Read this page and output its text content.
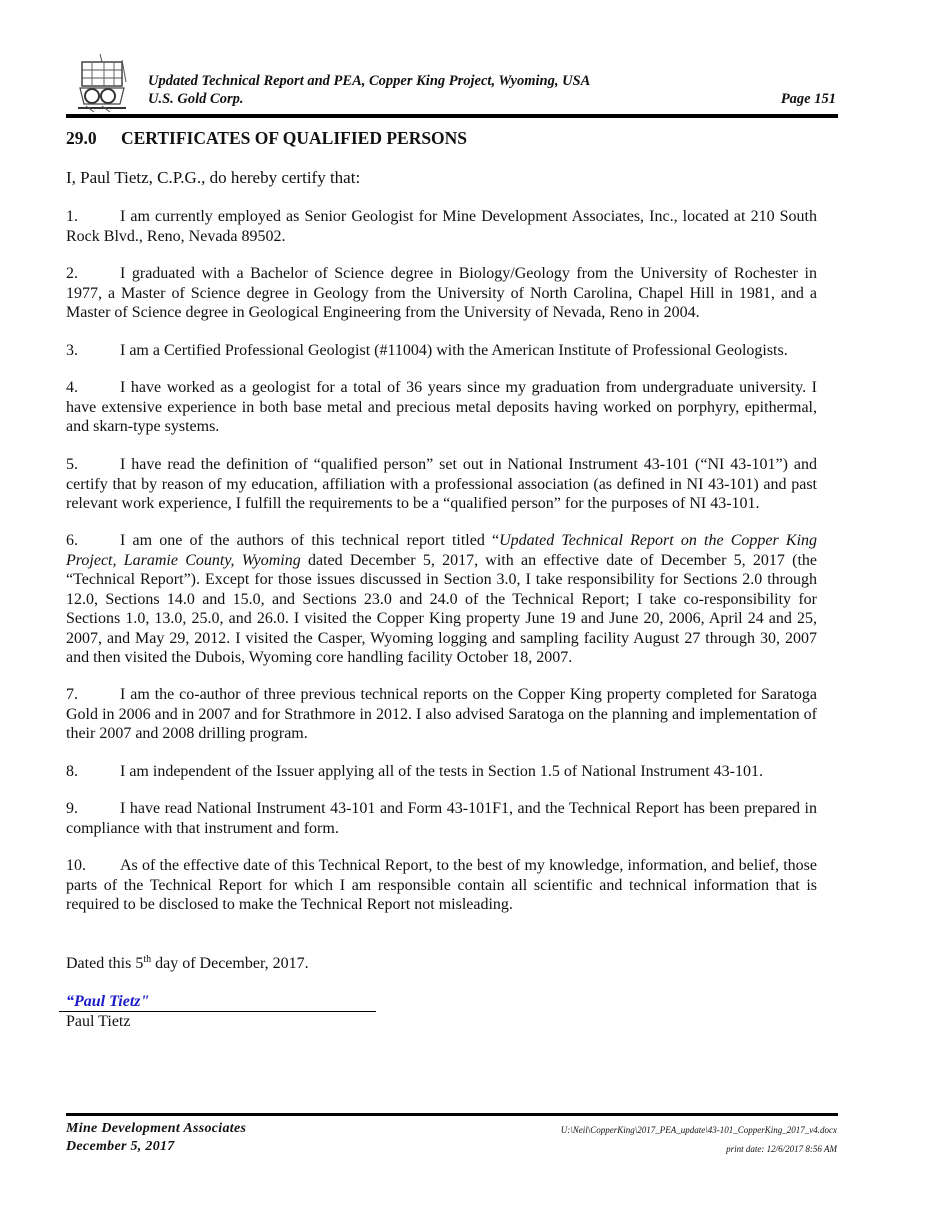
Updated Technical Report and PEA, Copper King Project, Wyoming, USA
U.S. Gold Corp.	Page 151
29.0 CERTIFICATES OF QUALIFIED PERSONS
I, Paul Tietz, C.P.G., do hereby certify that:
1.	I am currently employed as Senior Geologist for Mine Development Associates, Inc., located at 210 South Rock Blvd., Reno, Nevada 89502.
2.	I graduated with a Bachelor of Science degree in Biology/Geology from the University of Rochester in 1977, a Master of Science degree in Geology from the University of North Carolina, Chapel Hill in 1981, and a Master of Science degree in Geological Engineering from the University of Nevada, Reno in 2004.
3.	I am a Certified Professional Geologist (#11004) with the American Institute of Professional Geologists.
4.	I have worked as a geologist for a total of 36 years since my graduation from undergraduate university. I have extensive experience in both base metal and precious metal deposits having worked on porphyry, epithermal, and skarn-type systems.
5.	I have read the definition of “qualified person” set out in National Instrument 43-101 (“NI 43-101”) and certify that by reason of my education, affiliation with a professional association (as defined in NI 43-101) and past relevant work experience, I fulfill the requirements to be a “qualified person” for the purposes of NI 43-101.
6.	I am one of the authors of this technical report titled “Updated Technical Report on the Copper King Project, Laramie County, Wyoming dated December 5, 2017, with an effective date of December 5, 2017 (the “Technical Report”). Except for those issues discussed in Section 3.0, I take responsibility for Sections 2.0 through 12.0, Sections 14.0 and 15.0, and Sections 23.0 and 24.0 of the Technical Report; I take co-responsibility for Sections 1.0, 13.0, 25.0, and 26.0. I visited the Copper King property June 19 and June 20, 2006, April 24 and 25, 2007, and May 29, 2012. I visited the Casper, Wyoming logging and sampling facility August 27 through 30, 2007 and then visited the Dubois, Wyoming core handling facility October 18, 2007.
7.	I am the co-author of three previous technical reports on the Copper King property completed for Saratoga Gold in 2006 and in 2007 and for Strathmore in 2012. I also advised Saratoga on the planning and implementation of their 2007 and 2008 drilling program.
8.	I am independent of the Issuer applying all of the tests in Section 1.5 of National Instrument 43-101.
9.	I have read National Instrument 43-101 and Form 43-101F1, and the Technical Report has been prepared in compliance with that instrument and form.
10. As of the effective date of this Technical Report, to the best of my knowledge, information, and belief, those parts of the Technical Report for which I am responsible contain all scientific and technical information that is required to be disclosed to make the Technical Report not misleading.
Dated this 5th day of December, 2017.
“Paul Tietz"
Paul Tietz
Mine Development Associates
December 5, 2017
U:\Neil\CopperKing\2017_PEA_update\43-101_CopperKing_2017_v4.docx
print date: 12/6/2017 8:56 AM
